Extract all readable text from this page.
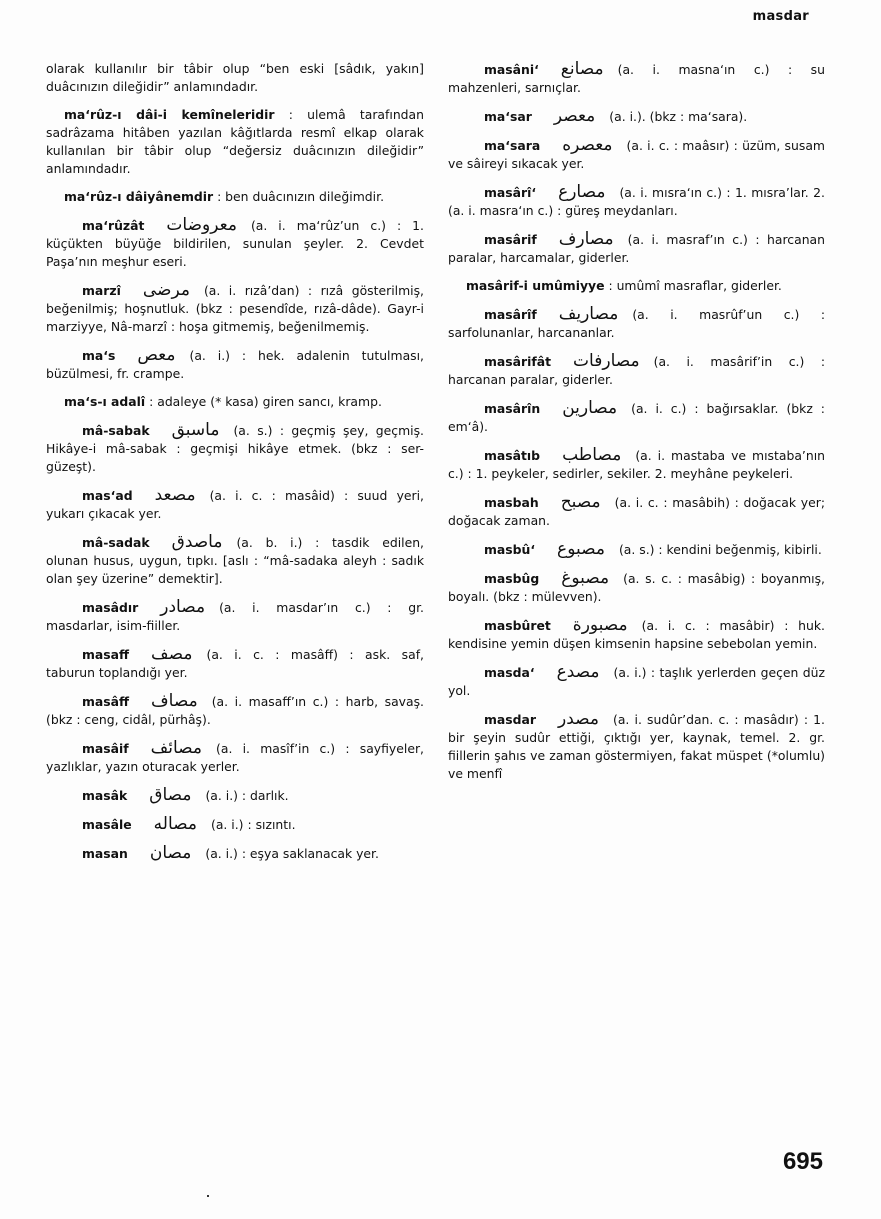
masdar
olarak kullanılır bir tâbir olup “ben eski [sâdık, yakın] duâcınızın dileğidir” anlamındadır.
ma‘rûz-ı dâi-i kemîneleridir : ulemâ tarafından sadrâzama hitâben yazılan kâğıtlarda resmî elkap olarak kullanılan bir tâbir olup “değersiz duâcınızın dileğidir” anlamındadır.
ma‘rûz-ı dâiyânemdir : ben duâcınızın dileğimdir.
ma‘rûzât معروضات (a. i. ma‘rûz’un c.) : 1. küçükten büyüğe bildirilen, sunulan şeyler. 2. Cevdet Paşa’nın meşhur eseri.
marzî مرضى (a. i. rızâ’dan) : rızâ gösterilmiş, beğenilmiş; hoşnutluk. (bkz : pesendîde, rızâ-dâde). Gayr-i marziyye, Nâ-marzî : hoşa gitmemiş, beğenilmemiş.
ma‘s معص (a. i.) : hek. adalenin tutulması, büzülmesi, fr. crampe.
ma‘s-ı adalî : adaleye (* kasa) giren sancı, kramp.
mâ-sabak ماسبق (a. s.) : geçmiş şey, geçmiş. Hikâye-i mâ-sabak : geçmişi hikâye etmek. (bkz : ser-güzeşt).
mas‘ad مصعد (a. i. c. : masâid) : suud yeri, yukarı çıkacak yer.
mâ-sadak ماصدق (a. b. i.) : tasdik edilen, olunan husus, uygun, tıpkı. [aslı : “mâ-sadaka aleyh : sadık olan şey üzerine” demektir].
masâdır مصادر (a. i. masdar’ın c.) : gr. masdarlar, isim-fiiller.
masaff مصف (a. i. c. : masâff) : ask. saf, taburun toplandığı yer.
masâff مصاف (a. i. masaff’ın c.) : harb, savaş. (bkz : ceng, cidâl, pürhâş).
masâif مصائف (a. i. masîf’in c.) : sayfiyeler, yazlıklar, yazın oturacak yerler.
masâk مصاق (a. i.) : darlık.
masâle مصاله (a. i.) : sızıntı.
masan مصان (a. i.) : eşya saklanacak yer.
masâni‘ مصانع (a. i. masna‘ın c.) : su mahzenleri, sarnıçlar.
ma‘sar معصر (a. i.). (bkz : ma‘sara).
ma‘sara معصره (a. i. c. : maâsır) : üzüm, susam ve sâireyi sıkacak yer.
masârî‘ مصارع (a. i. mısra‘ın c.) : 1. mısra’lar. 2. (a. i. masra‘ın c.) : güreş meydanları.
masârif مصارف (a. i. masraf’ın c.) : harcanan paralar, harcamalar, giderler.
masârif-i umûmiyye : umûmî masraflar, giderler.
masârîf مصاريف (a. i. masrûf’un c.) : sarfolunanlar, harcananlar.
masârifât مصارفات (a. i. masârif’in c.) : harcanan paralar, giderler.
masârîn مصارين (a. i. c.) : bağırsaklar. (bkz : em‘â).
masâtıb مصاطب (a. i. mastaba ve mıstaba’nın c.) : 1. peykeler, sedirler, sekiler. 2. meyhâne peykeleri.
masbah مصبح (a. i. c. : masâbih) : doğacak yer; doğacak zaman.
masbû‘ مصبوع (a. s.) : kendini beğenmiş, kibirli.
masbûg مصبوغ (a. s. c. : masâbig) : boyanmış, boyalı. (bkz : mülevven).
masbûret مصبورة (a. i. c. : masâbir) : huk. kendisine yemin düşen kimsenin hapsine sebebolan yemin.
masda‘ مصدع (a. i.) : taşlık yerlerden geçen düz yol.
masdar مصدر (a. i. sudûr’dan. c. : masâdır) : 1. bir şeyin sudûr ettiği, çıktığı yer, kaynak, temel. 2. gr. fiillerin şahıs ve zaman göstermiyen, fakat müspet (*olumlu) ve menfî
695
